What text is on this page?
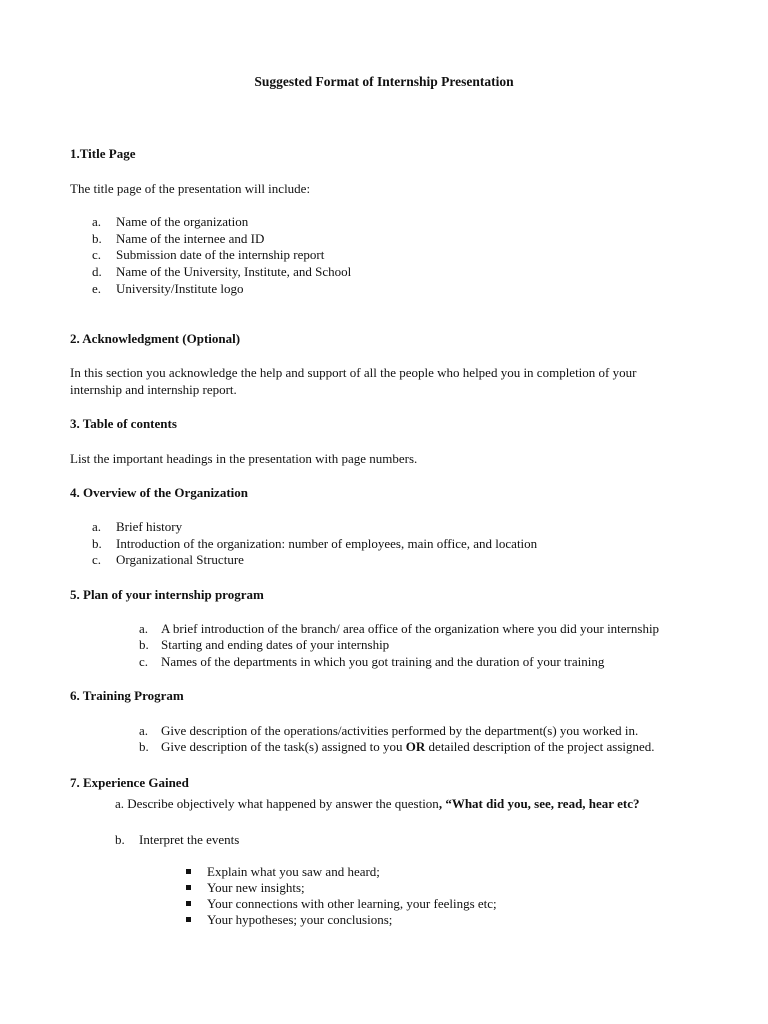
Suggested Format of Internship Presentation
1.Title Page
The title page of the presentation will include:
a. Name of the organization
b. Name of the internee and ID
c. Submission date of the internship report
d. Name of the University, Institute, and School
e. University/Institute logo
2. Acknowledgment (Optional)
In this section you acknowledge the help and support of all the people who helped you in completion of your
internship and internship report.
3. Table of contents
List the important headings in the presentation with page numbers.
4. Overview of the Organization
a. Brief history
b. Introduction of the organization: number of employees, main office, and location
c. Organizational Structure
5. Plan of your internship program
a. A brief introduction of the branch/ area office of the organization where you did your internship
b. Starting and ending dates of your internship
c. Names of the departments in which you got training and the duration of your training
6. Training Program
a. Give description of the operations/activities performed by the department(s) you worked in.
b. Give description of the task(s) assigned to you OR detailed description of the project assigned.
7. Experience Gained
a. Describe objectively what happened by answer the question, “What did you, see, read, hear etc?
b. Interpret the events
Explain what you saw and heard;
Your new insights;
Your connections with other learning, your feelings etc;
Your hypotheses; your conclusions;
